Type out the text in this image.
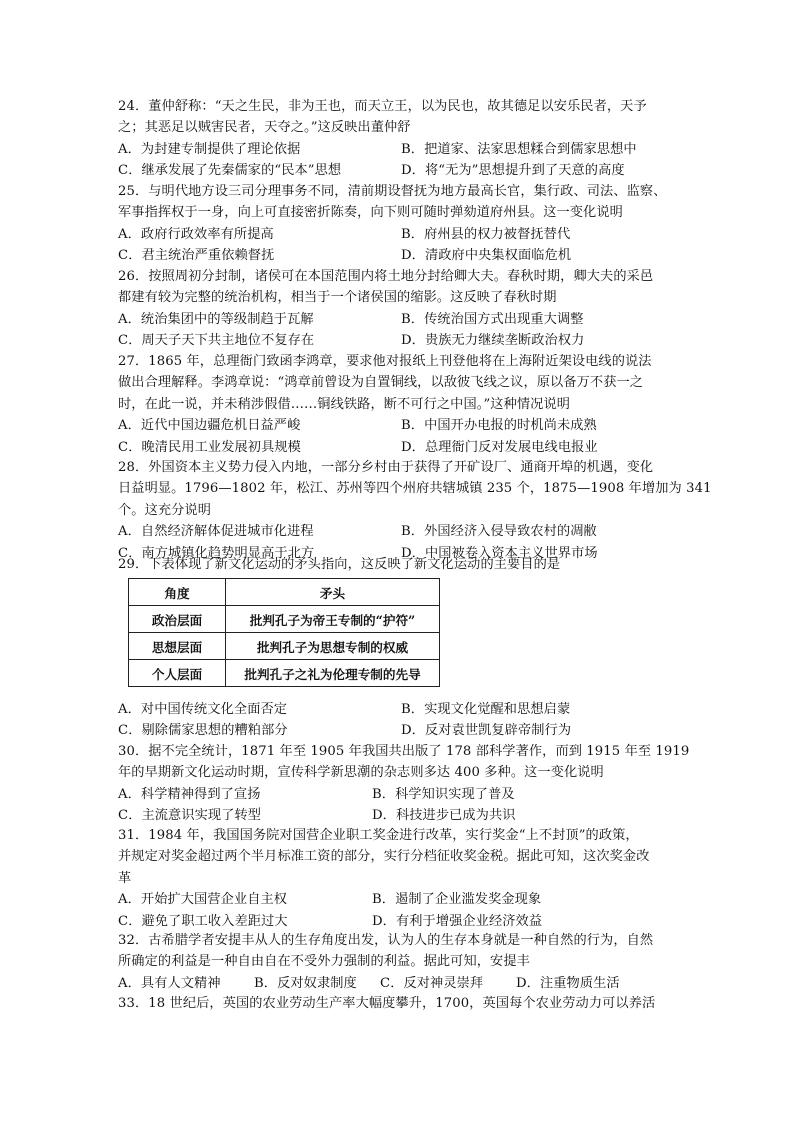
24．董仲舒称：“天之生民，非为王也，而天立王，以为民也，故其德足以安乐民者，天予
之；其恶足以贼害民者，天夺之。”这反映出董仲舒
A．为封建专制提供了理论依据	B．把道家、法家思想糅合到儒家思想中
C．继承发展了先秦儒家的“民本”思想	D．将“无为”思想提升到了天意的高度
25．与明代地方设三司分理事务不同，清前期设督抚为地方最高长官，集行政、司法、监察、
军事指挥权于一身，向上可直接密折陈奏，向下则可随时弹劾道府州县。这一变化说明
A．政府行政效率有所提高	B．府州县的权力被督抚替代
C．君主统治严重依赖督抚	D．清政府中央集权面临危机
26．按照周初分封制，诸侯可在本国范围内将土地分封给卿大夫。春秋时期，卿大夫的采邑
都建有较为完整的统治机构，相当于一个诸侯国的缩影。这反映了春秋时期
A．统治集团中的等级制趋于瓦解	B．传统治国方式出现重大调整
C．周天子天下共主地位不复存在	D．贵族无力继续垄断政治权力
27．1865 年，总理衙门致函李鸿章，要求他对报纸上刊登他将在上海附近架设电线的说法
做出合理解释。李鸿章说：“鸿章前曾设为自置铜线，以敌彼飞线之议，原以备万不获一之
时，在此一说，并未稍涉假借……铜线铁路，断不可行之中国。”这种情况说明
A．近代中国边疆危机日益严峻	B．中国开办电报的时机尚未成熟
C．晚清民用工业发展初具规模	D．总理衙门反对发展电线电报业
28．外国资本主义势力侵入内地，一部分乡村由于获得了开矿设厂、通商开埠的机遇，变化
日益明显。1796—1802 年，松江、苏州等四个州府共辖城镇 235 个，1875—1908 年增加为 341
个。这充分说明
A．自然经济解体促进城市化进程	B．外国经济入侵导致农村的凋敝
C．南方城镇化趋势明显高于北方	D．中国被卷入资本主义世界市场
29．下表体现了新文化运动的矛头指向，这反映了新文化运动的主要目的是
角度	矛头
政治层面	批判孔子为帝王专制的“护符”
思想层面	批判孔子为思想专制的权威
个人层面	批判孔子之礼为伦理专制的先导
A．对中国传统文化全面否定	B．实现文化觉醒和思想启蒙
C．剔除儒家思想的糟粕部分	D．反对袁世凯复辟帝制行为
30．据不完全统计，1871 年至 1905 年我国共出版了 178 部科学著作，而到 1915 年至 1919
年的早期新文化运动时期，宣传科学新思潮的杂志则多达 400 多种。这一变化说明
A．科学精神得到了宣扬	B．科学知识实现了普及
C．主流意识实现了转型	D．科技进步已成为共识
31．1984 年，我国国务院对国营企业职工奖金进行改革，实行奖金“上不封顶”的政策，
并规定对奖金超过两个半月标准工资的部分，实行分档征收奖金税。据此可知，这次奖金改
革
A．开始扩大国营企业自主权	B．遏制了企业滥发奖金现象
C．避免了职工收入差距过大	D．有利于增强企业经济效益
32．古希腊学者安提丰从人的生存角度出发，认为人的生存本身就是一种自然的行为，自然
所确定的利益是一种自由自在不受外力强制的利益。据此可知，安提丰
A．具有人文精神	B．反对奴隶制度 C．反对神灵崇拜 D．注重物质生活
33．18 世纪后，英国的农业劳动生产率大幅度攀升，1700，英国每个农业劳动力可以养活
